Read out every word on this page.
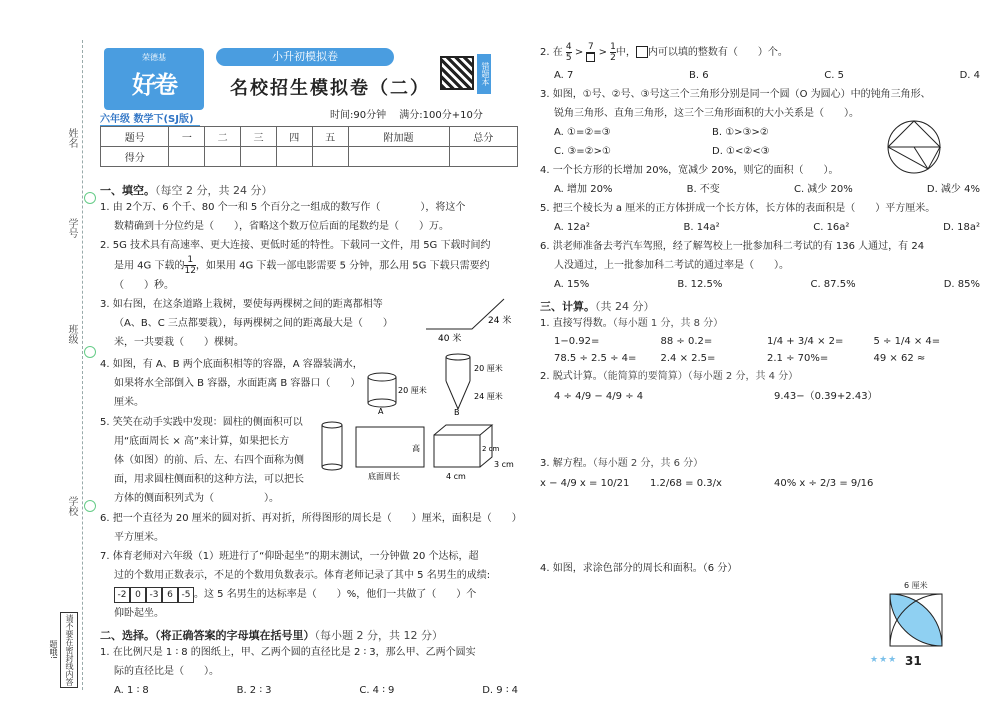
姓名
学号
班级
学校
请不要在密封线内答题哦!
荣德基
好卷
六年级 数学下(SJ版)
小升初模拟卷
名校招生模拟卷（二）
错题本
时间:90分钟 满分:100分+10分
题号	一	二	三	四	五	附加题	总分
得分							
一、填空。（每空 2 分，共 24 分）
1. 由 2个万、6 个千、80 个一和 5 个百分之一组成的数写作（　　　　），将这个
数精确到十分位约是（　　），省略这个数万位后面的尾数约是（　　）万。
2. 5G 技术具有高速率、更大连接、更低时延的特性。下载同一文件，用 5G 下载时间约
是用 4G 下载的 $\frac{1}{12}$ ，如果用 4G 下载一部电影需要 5 分钟，那么用 5G 下载只需要约
（　　）秒。
3. 如右图，在这条道路上栽树，要使每两棵树之间的距离都相等
（A、B、C 三点都要栽），每两棵树之间的距离最大是（　　）
米，一共要栽（　　）棵树。	40 米
24 米
4. 如图，有 A、B 两个底面积相等的容器，A 容器装满水，
如果将水全部倒入 B 容器，水面距离 B 容器口（　　）
厘米。
20 厘米
20 厘米
24 厘米
A	B
5. 笑笑在动手实践中发现：圆柱的侧面积可以
用“底面周长 × 高”来计算，如果把长方
体（如图）的前、后、左、右四个面称为侧
面，用求圆柱侧面积的这种方法，可以把长
方体的侧面积列式为（　　　　　）。
高
底面周长
2 cm
4 cm
3 cm
6. 把一个直径为 20 厘米的圆对折、再对折，所得图形的周长是（　　）厘米，面积是（　　）
平方厘米。
7. 体育老师对六年级（1）班进行了“仰卧起坐”的期末测试，一分钟做 20 个达标，超
过的个数用正数表示，不足的个数用负数表示。体育老师记录了其中 5 名男生的成绩:
-2 0 -3 6 -5 。这 5 名男生的达标率是（　　）%，他们一共做了（　　）个
仰卧起坐。
二、选择。（将正确答案的字母填在括号里）（每小题 2 分，共 12 分）
1. 在比例尺是 1 ∶ 8 的图纸上，甲、乙两个圆的直径比是 2 ∶ 3，那么甲、乙两个圆实
际的直径比是（　　）。
A. 1 ∶ 8	B. 2 ∶ 3	C. 4 ∶ 9	D. 9 ∶ 4
2. 在 $\frac{4}{5} > 7 > \frac{1}{2}$ 中， 内可以填的整数有（　　）个。
A. 7	B. 6	C. 5	D. 4
3. 如图，①号、②号、③号这三个三角形分别是同一个圆（O 为圆心）中的钝角三角形、
锐角三角形、直角三角形，这三个三角形面积的大小关系是（　　）。
A. ①=②=③	B. ①>③>②
C. ③=②>①	D. ①<②<③
4. 一个长方形的长增加 20%，宽减少 20%，则它的面积（　　）。
A. 增加 20%	B. 不变	C. 减少 20%	D. 减少 4%
5. 把三个棱长为 a 厘米的正方体拼成一个长方体，长方体的表面积是（　　）平方厘米。
A. 12a²	B. 14a²	C. 16a²	D. 18a²
6. 洪老师准备去考汽车驾照，经了解驾校上一批参加科二考试的有 136 人通过，有 24
人没通过，上一批参加科二考试的通过率是（　　）。
A. 15%	B. 12.5%	C. 87.5%	D. 85%
三、计算。（共 24 分）
1. 直接写得数。（每小题 1 分，共 8 分）
1−0.92=	88 ÷ 0.2=	1/4 + 3/4 × 2=	5 ÷ 1/4 × 4=
78.5 ÷ 2.5 ÷ 4=	2.4 × 2.5=	2.1 ÷ 70%=	49 × 62 ≈
2. 脱式计算。（能简算的要简算）（每小题 2 分，共 4 分）
4 ÷ 4/9 − 4/9 ÷ 4	9.43−（0.39+2.43）
3. 解方程。（每小题 2 分，共 6 分）
x − 4/9 x = 10/21	1.2/68 = 0.3/x	40% x ÷ 2/3 = 9/16
4. 如图，求涂色部分的周长和面积。（6 分）
6 厘米
★★★ 31
